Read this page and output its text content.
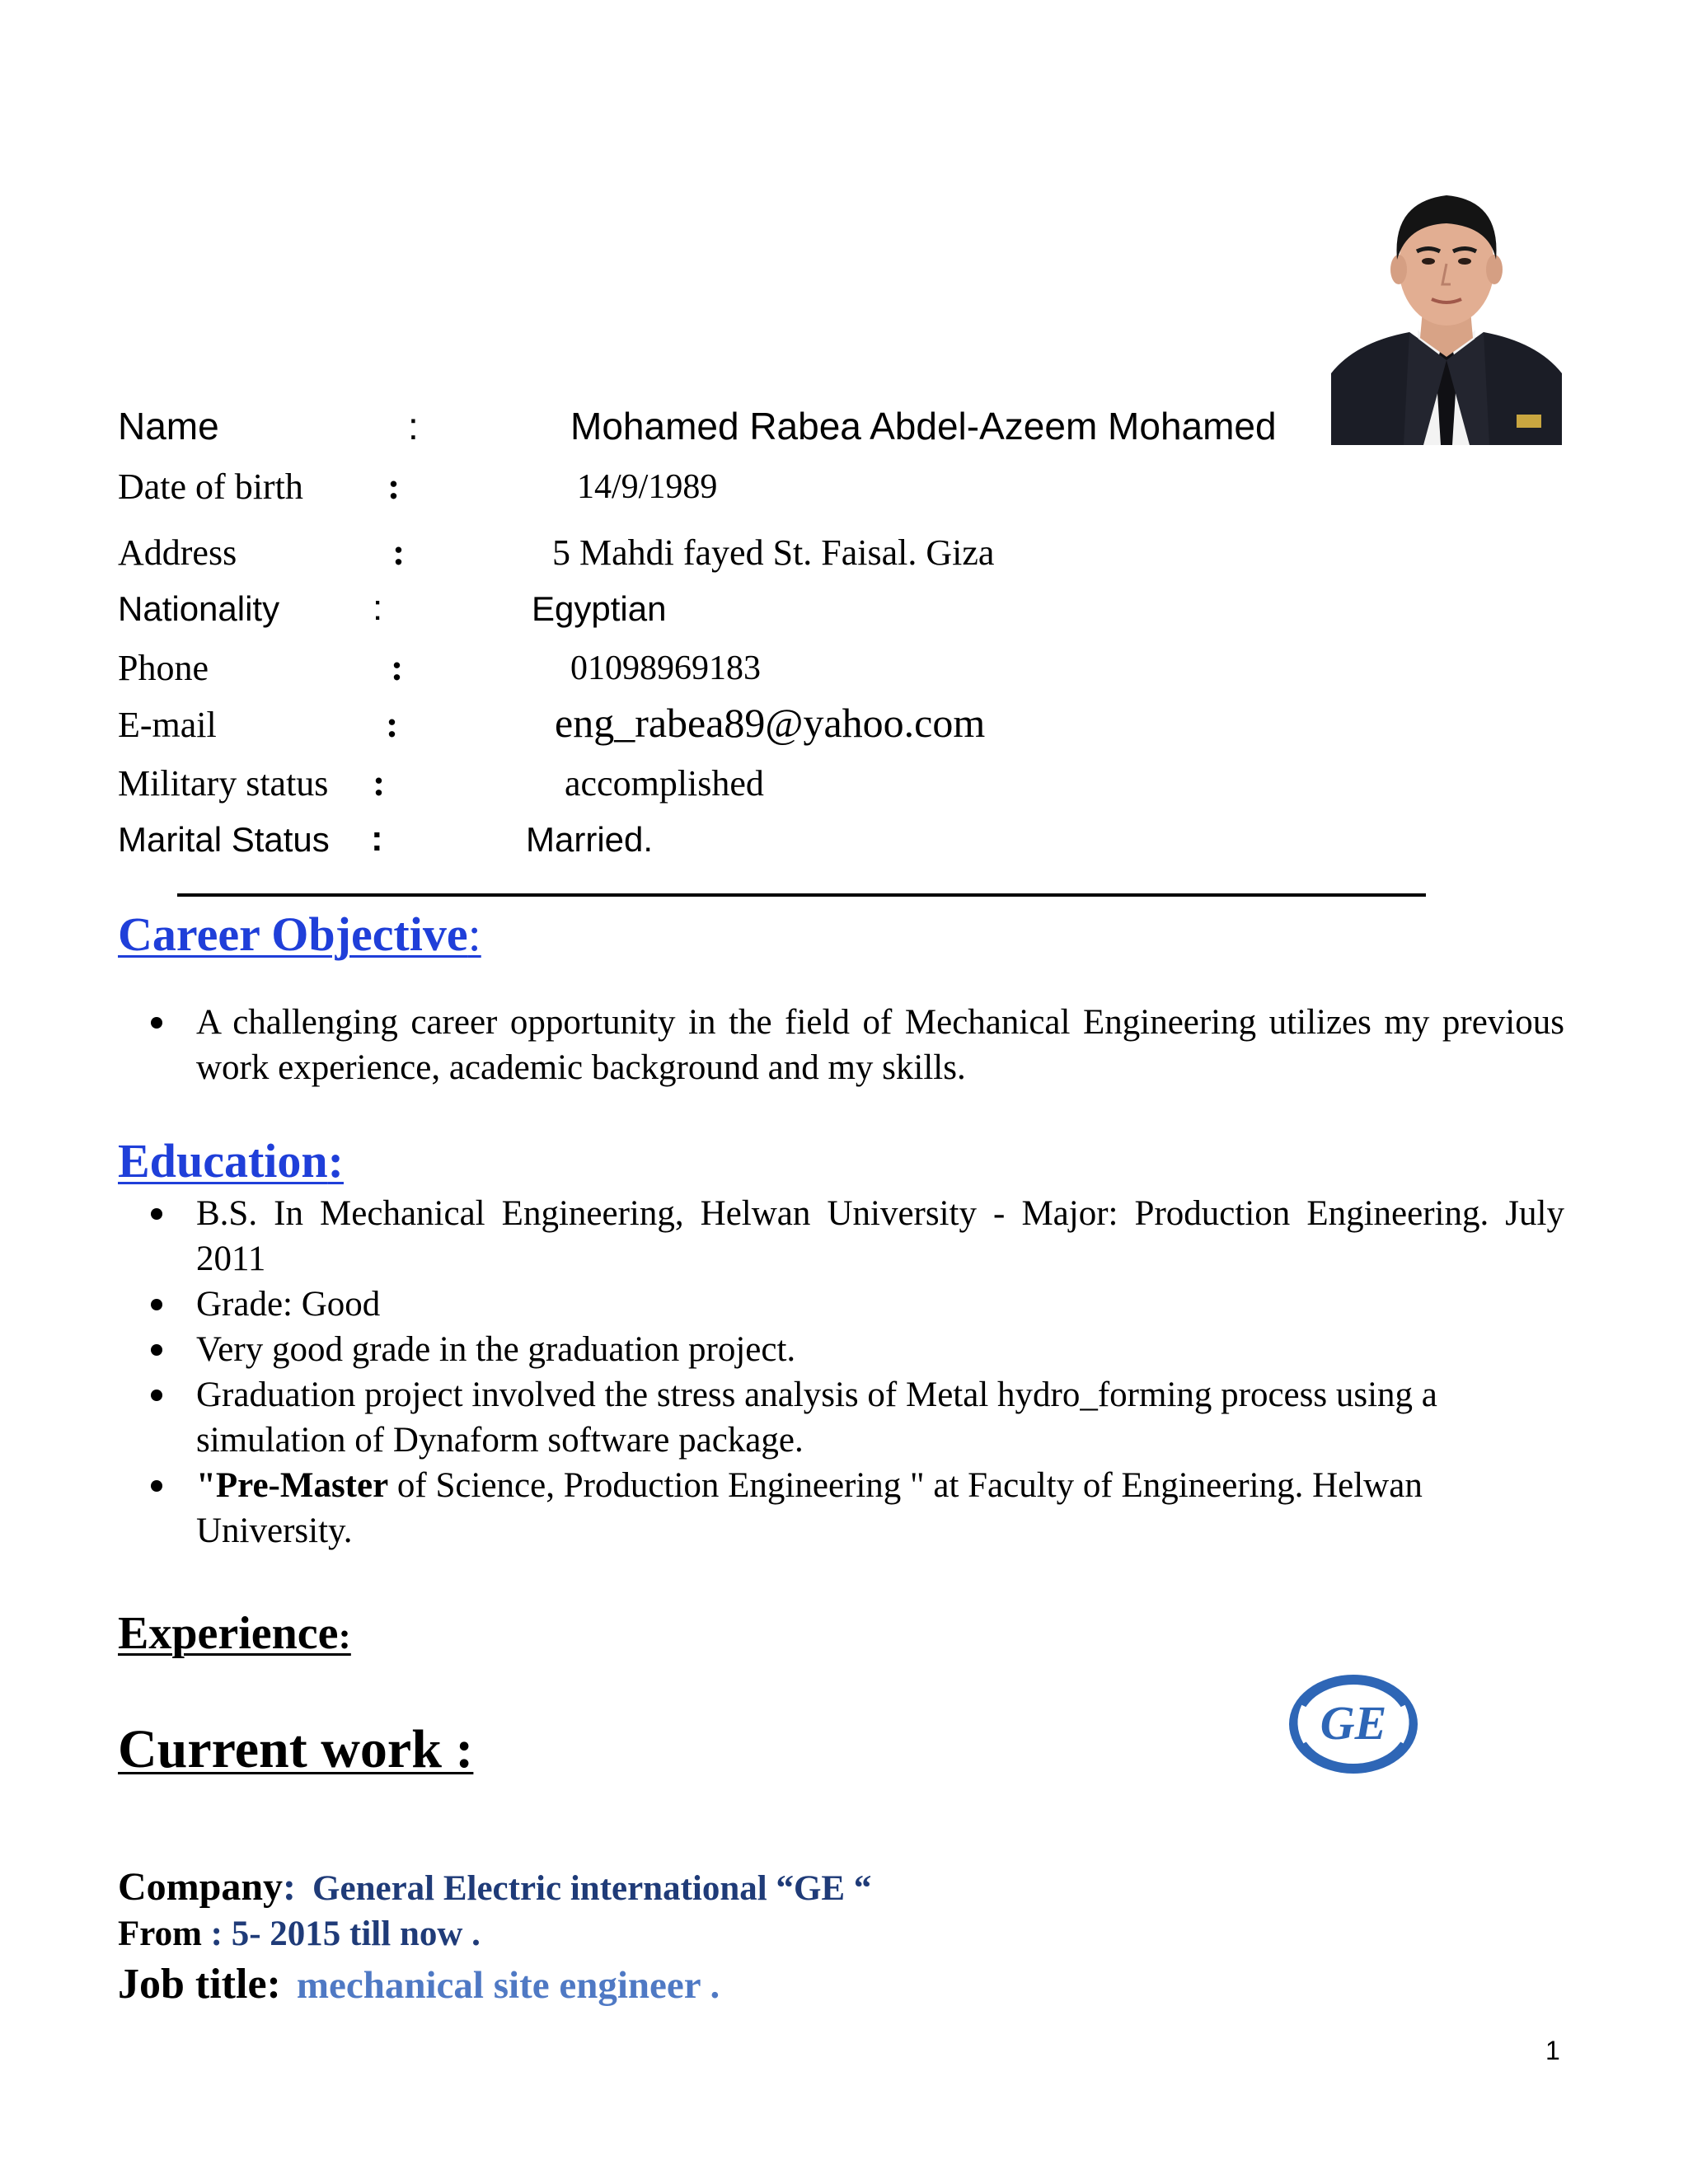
Name	:	Mohamed Rabea Abdel-Azeem Mohamed
Date of birth :	14/9/1989
Address	:	5 Mahdi fayed St. Faisal. Giza
Nationality	:	Egyptian
Phone	:	01098969183
E-mail	:	eng_rabea89@yahoo.com
Military status :	accomplished
Marital Status :	Married.
Career Objective:
A challenging career opportunity in the field of Mechanical Engineering utilizes my previous work experience, academic background and my skills.
Education:
B.S. In Mechanical Engineering, Helwan University - Major: Production Engineering. July 2011
Grade: Good
Very good grade in the graduation project.
Graduation project involved the stress analysis of Metal hydro_forming process using a simulation of Dynaform software package.
"Pre-Master of Science, Production Engineering " at Faculty of Engineering. Helwan University.
Experience:
Current work :	GE
Company: General Electric international “GE “
From : 5- 2015 till now .
Job title: mechanical site engineer .
1
